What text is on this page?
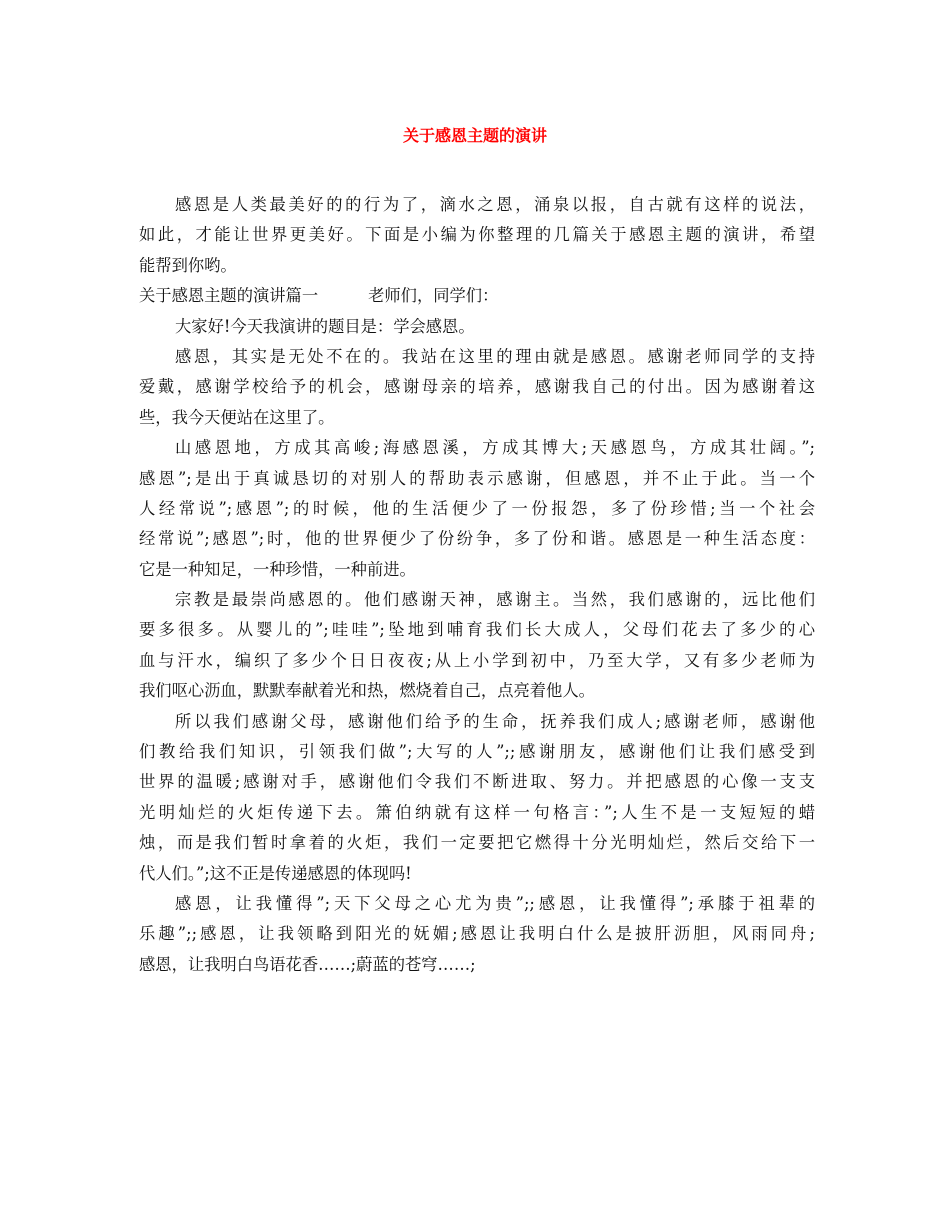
关于感恩主题的演讲
感恩是人类最美好的的行为了，滴水之恩，涌泉以报，自古就有这样的说法，
如此，才能让世界更美好。下面是小编为你整理的几篇关于感恩主题的演讲，希望
能帮到你哟。
关于感恩主题的演讲篇一	老师们，同学们：
大家好!今天我演讲的题目是：学会感恩。
感恩，其实是无处不在的。我站在这里的理由就是感恩。感谢老师同学的支持
爱戴，感谢学校给予的机会，感谢母亲的培养，感谢我自己的付出。因为感谢着这
些，我今天便站在这里了。
山感恩地，方成其高峻;海感恩溪，方成其博大;天感恩鸟，方成其壮阔。”;
感恩”;是出于真诚恳切的对别人的帮助表示感谢，但感恩，并不止于此。当一个
人经常说”;感恩”;的时候，他的生活便少了一份报怨，多了份珍惜;当一个社会
经常说”;感恩”;时，他的世界便少了份纷争，多了份和谐。感恩是一种生活态度：
它是一种知足，一种珍惜，一种前进。
宗教是最崇尚感恩的。他们感谢天神，感谢主。当然，我们感谢的，远比他们
要多很多。从婴儿的”;哇哇”;坠地到哺育我们长大成人，父母们花去了多少的心
血与汗水，编织了多少个日日夜夜;从上小学到初中，乃至大学，又有多少老师为
我们呕心沥血，默默奉献着光和热，燃烧着自己，点亮着他人。
所以我们感谢父母，感谢他们给予的生命，抚养我们成人;感谢老师，感谢他
们教给我们知识，引领我们做”;大写的人”;;感谢朋友，感谢他们让我们感受到
世界的温暖;感谢对手，感谢他们令我们不断进取、努力。并把感恩的心像一支支
光明灿烂的火炬传递下去。箫伯纳就有这样一句格言：”;人生不是一支短短的蜡
烛，而是我们暂时拿着的火炬，我们一定要把它燃得十分光明灿烂，然后交给下一
代人们。”;这不正是传递感恩的体现吗!
感恩，让我懂得”;天下父母之心尤为贵”;;感恩，让我懂得”;承膝于祖辈的
乐趣”;;感恩，让我领略到阳光的妩媚;感恩让我明白什么是披肝沥胆，风雨同舟;
感恩，让我明白鸟语花香……;蔚蓝的苍穹……;
